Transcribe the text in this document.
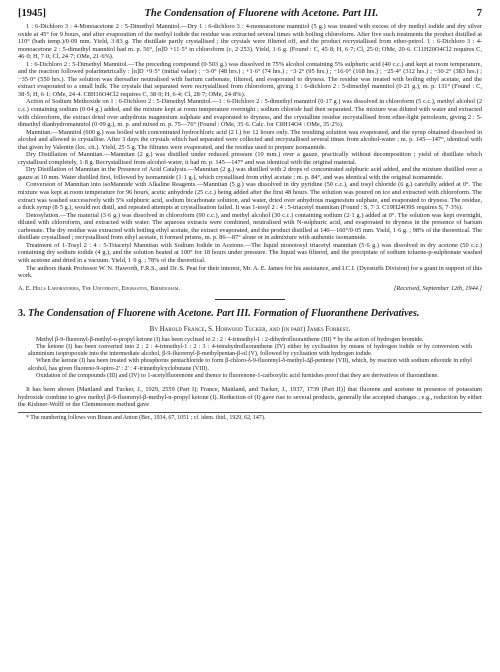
[1945]	The Condensation of Fluorene with Acetone. Part III.	7

1 : 6-Dichloro 3 : 4-Monoacetone 2 : 5-Dimethyl Mannitol.—Dry 1 : 6-dichloro 3 : 4-monoacetone mannitol (5 g.) was treated with excess of dry methyl iodide and dry silver oxide at 45° for 9 hours, and after evaporation of the methyl iodide the residue was extracted several times with boiling chloroform. After five such treatments the product distilled at 110° (bath temp.)/0·09 mm. Yield, 3·83 g. The distillate partly crystallised ; the crystals were filtered off, and the product recrystallised from ether-petrol. 1 : 6-Dichloro 3 : 4-monoacetone 2 : 5-dimethyl mannitol had m. p. 56°, [α]D +11·5° in chloroform (c, 2·253). Yield, 1·6 g. (Found : C, 45·8; H, 6·7; Cl, 25·0; OMe, 20·6. C11H20O4Cl2 requires C, 46·0; H, 7·0; Cl, 24·7; OMe, 21·6%).

1 : 6-Dichloro 2 : 5-Dimethyl Mannitol.—The preceding compound (0·503 g.) was dissolved in 75% alcohol containing 5% sulphuric acid (40 c.c.) and kept at room temperature, and the reaction followed polarimetrically : [α]D +9·5° (initial value) ; −3·0° (48 hrs.) ; +1·6° (74 hrs.) ; −3·2° (95 hrs.) ; −16·0° (168 hrs.) ; −25·4° (312 hrs.) ; −30·2° (383 hrs.) ; −35·0° (550 hrs.). The solution was thereafter neutralised with barium carbonate, filtered, and evaporated to dryness. The residue was treated with boiling ethyl acetate, and the extract evaporated to a small bulk. The crystals that separated were recrystallised from chloroform, giving 1 : 6-dichloro 2 : 5-dimethyl mannitol (0·21 g.), m. p. 131° (Found : C, 38·5; H, 6·1; OMe, 24·4. C8H16O4Cl2 requires C, 38·9; H, 6·4; Cl, 28·7; OMe, 24·8%).

Action of Sodium Methoxide on 1 : 6-Dichloro 2 : 5-Dimethyl Mannitol.—1 : 6-Dichloro 2 : 5-dimethyl mannitol (0·17 g.) was dissolved in chloroform (5 c.c.), methyl alcohol (2 c.c.) containing sodium (0·04 g.) added, and the mixture kept at room temperature overnight ; sodium chloride had then separated. The mixture was diluted with water and extracted with chloroform, the extract dried over anhydrous magnesium sulphate and evaporated to dryness, and the crystalline residue recrystallised from ether-light petroleum, giving 2 : 5-dimethyl dianhydromannitol (0·09 g.), m. p. and mixed m. p. 75—76° (Found : OMe, 35·6. Calc. for C8H14O4 : OMe, 35·2%).

Mannitan.—Mannitol (600 g.) was boiled with concentrated hydrochloric acid (2 l.) for 12 hours only. The resulting solution was evaporated, and the syrup obtained dissolved in alcohol and allowed to crystallise. After 3 days the crystals which had separated were collected and recrystallised several times from alcohol-water ; m. p. 145—147°, identical with that given by Valentin (loc. cit.). Yield, 25·5 g. The filtrates were evaporated, and the residue used to prepare isomannide.

Dry Distillation of Mannitan.—Mannitan (2 g.) was distilled under reduced pressure (10 mm.) over a gauze, practically without decomposition ; yield of distillate which crystallised completely, 1·8 g. Recrystallised from alcohol-water, it had m. p. 145—147° and was identical with the original material.

Dry Distillation of Mannitan in the Presence of Acid Catalysts.—Mannitan (2 g.) was distilled with 2 drops of concentrated sulphuric acid added, and the mixture distilled over a gauze at 10 mm. Water distilled first, followed by isomannide (1·1 g.), which crystallised from ethyl acetate ; m. p. 84°, and was identical with the original isomannide.

Conversion of Mannitan into isoMannide with Alkaline Reagents.—Mannitan (5 g.) was dissolved in dry pyridine (50 c.c.), and tosyl chloride (6 g.) carefully added at 0°. The mixture was kept at room temperature for 96 hours, acetic anhydride (25 c.c.) being added after the first 48 hours. The solution was poured on ice and extracted with chloroform. The extract was washed successively with 5% sulphuric acid, sodium bicarbonate solution, and water, dried over anhydrous magnesium sulphate, and evaporated to dryness. The residue, a thick syrup (8·5 g.), would not distil, and repeated attempts at crystallisation failed. It was 1-tosyl 2 : 4 : 5-triacetyl mannitan (Found : S, 7·3. C19H24O9S requires S, 7·3%).

Detosylation.—The material (3·6 g.) was dissolved in chloroform (90 c.c.), and methyl alcohol (30 c.c.) containing sodium (2·1 g.) added at 0°. The solution was kept overnight, diluted with chloroform, and extracted with water. The aqueous extracts were combined, neutralised with N-sulphuric acid, and evaporated to dryness in the presence of barium carbonate. The dry residue was extracted with boiling ethyl acetate, the extract evaporated, and the product distilled at 140—160°/0·05 mm. Yield, 1·6 g. ; 98% of the theoretical. The distillate crystallised ; recrystallised from ethyl acetate, it formed prisms, m. p. 86—87° alone or in admixture with authentic isomannide.

Treatment of 1-Tosyl 2 : 4 : 5-Triacetyl Mannitan with Sodium Iodide in Acetone.—The liquid monotosyl triacetyl mannitan (5·6 g.) was dissolved in dry acetone (50 c.c.) containing dry sodium iodide (4 g.), and the solution heated at 100° for 18 hours under pressure. The liquid was filtered, and the precipitate of sodium toluene-p-sulphonate washed with acetone and dried in a vacuum. Yield, 1·9 g. ; 78% of the theoretical.

The authors thank Professor W. N. Haworth, F.R.S., and Dr. S. Peat for their interest, Mr. A. E. James for his assistance, and I.C.I. (Dyestuffs Division) for a grant in support of this work.

A. E. Hills Laboratories, The University, Edgbaston, Birmingham.	[Received, September 12th, 1944.]
3. The Condensation of Fluorene with Acetone. Part III. Formation of Fluoranthene Derivatives.
By Harold France, S. Horwood Tucker, and (in part) James Forrest.

Methyl β-9-fluorenyl-β-methyl-n-propyl ketone (I) has been cyclised to 2 : 2 : 4-trimethyl-1 : 2-dihydrofluoranthene (III) * by the action of hydrogen bromide.

The ketone (I) has been converted into 2 : 2 : 4-trimethyl-1 : 2 : 3 : 4-tetrahydrofluoranthene (IV) either by cyclisation by means of hydrogen iodide or by conversion with aluminium isopropoxide into the intermediate alcohol, β-9-fluorenyl-β-methylpentan-β-ol (V), followed by cyclisation with hydrogen iodide.

When the ketone (I) has been treated with phosphorus pentachloride to form β-chloro-δ-9-fluorenyl-δ-methyl-Δβ-pentene (VII), which, by reaction with sodium ethoxide in ethyl alcohol, has given fluoreno-9-spiro-2' : 2' : 4'-trimethylcyclobutane (VIII).

Oxidation of the compounds (III) and (IV) to 1-acetylfluorenone and thence to fluorenone-1-carboxylic acid furnishes proof that they are derivatives of fluoranthene.

It has been shown [Maitland and Tucker, J., 1929, 2559 (Part I); France, Maitland, and Tucker, J., 1937, 1739 (Part II)] that fluorene and acetone in presence of potassium hydroxide combine to give methyl β-9-fluorenyl-β-methyl-n-propyl ketone (I). Reduction of (I) gave rise to several products, generally the accepted changes ; e.g., reduction by either the Kishner-Wolff or the Clemmensen method gave

* The numbering follows von Braun and Anton (Ber., 1934, 67, 1051 ; cf. idem. ibid., 1929, 62, 147).
